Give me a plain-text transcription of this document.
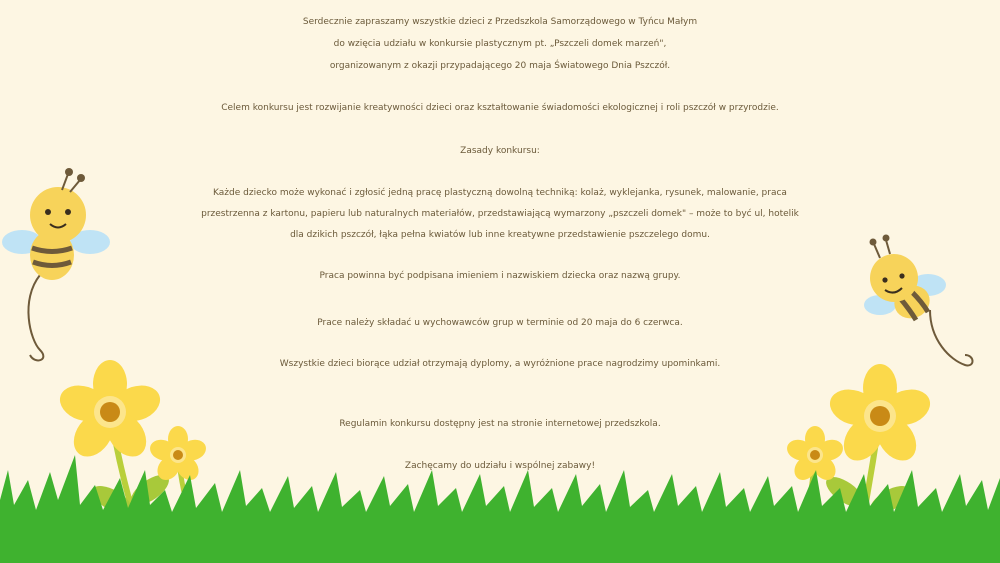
Serdecznie zapraszamy wszystkie dzieci z Przedszkola Samorządowego w Tyńcu Małym
do wzięcia udziału w konkursie plastycznym pt. „Pszczeli domek marzeń",
organizowanym z okazji przypadającego 20 maja Światowego Dnia Pszczół.
Celem konkursu jest rozwijanie kreatywności dzieci oraz kształtowanie świadomości ekologicznej i roli pszczół w przyrodzie.
Zasady konkursu:
Każde dziecko może wykonać i zgłosić jedną pracę plastyczną dowolną techniką: kolaż, wyklejanka, rysunek, malowanie, praca
przestrzenna z kartonu, papieru lub naturalnych materiałów, przedstawiającą wymarzony „pszczeli domek" – może to być ul, hotelik
dla dzikich pszczół, łąka pełna kwiatów lub inne kreatywne przedstawienie pszczelego domu.
Praca powinna być podpisana imieniem i nazwiskiem dziecka oraz nazwą grupy.
Prace należy składać u wychowawców grup w terminie od 20 maja do 6 czerwca.
Wszystkie dzieci biorące udział otrzymają dyplomy, a wyróżnione prace nagrodzimy upominkami.
Regulamin konkursu dostępny jest na stronie internetowej przedszkola.
Zachęcamy do udziału i wspólnej zabawy!
